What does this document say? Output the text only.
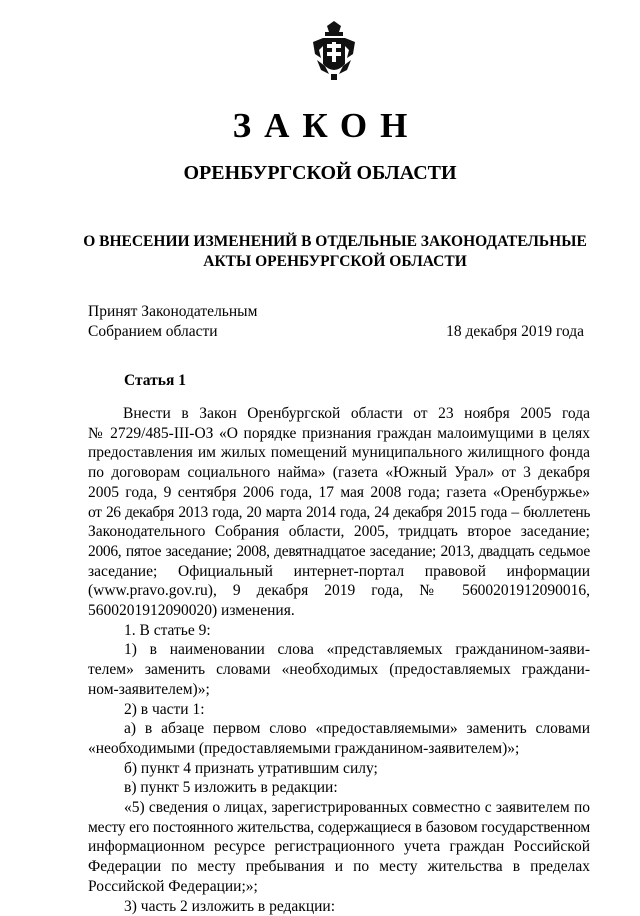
ЗАКОН
ОРЕНБУРГСКОЙ ОБЛАСТИ
О ВНЕСЕНИИ ИЗМЕНЕНИЙ В ОТДЕЛЬНЫЕ ЗАКОНОДАТЕЛЬНЫЕ
АКТЫ ОРЕНБУРГСКОЙ ОБЛАСТИ
Принят Законодательным
Собранием области	18 декабря 2019 года
Статья 1

Внести в Закон Оренбургской области от 23 ноября 2005 года

№ 2729/485-III-ОЗ «О порядке признания граждан малоимущими в целях

предоставления им жилых помещений муниципального жилищного фонда

по договорам социального найма» (газета «Южный Урал» от 3 декабря

2005 года, 9 сентября 2006 года, 17 мая 2008 года; газета «Оренбуржье»

от 26 декабря 2013 года, 20 марта 2014 года, 24 декабря 2015 года – бюллетень

Законодательного Собрания области, 2005, тридцать второе заседание;

2006, пятое заседание; 2008, девятнадцатое заседание; 2013, двадцать седьмое

заседание; Официальный интернет-портал правовой информации

(www.pravo.gov.ru), 9 декабря 2019 года, № 5600201912090016,

5600201912090020) изменения.

1. В статье 9:

1) в наименовании слова «представляемых гражданином-заяви-

телем» заменить словами «необходимых (предоставляемых граждани-

ном-заявителем)»;

2) в части 1:

а) в абзаце первом слово «предоставляемыми» заменить словами

«необходимыми (предоставляемыми гражданином-заявителем)»;

б) пункт 4 признать утратившим силу;

в) пункт 5 изложить в редакции:

«5) сведения о лицах, зарегистрированных совместно с заявителем по

месту его постоянного жительства, содержащиеся в базовом государственном

информационном ресурсе регистрационного учета граждан Российской

Федерации по месту пребывания и по месту жительства в пределах

Российской Федерации;»;

3) часть 2 изложить в редакции:
